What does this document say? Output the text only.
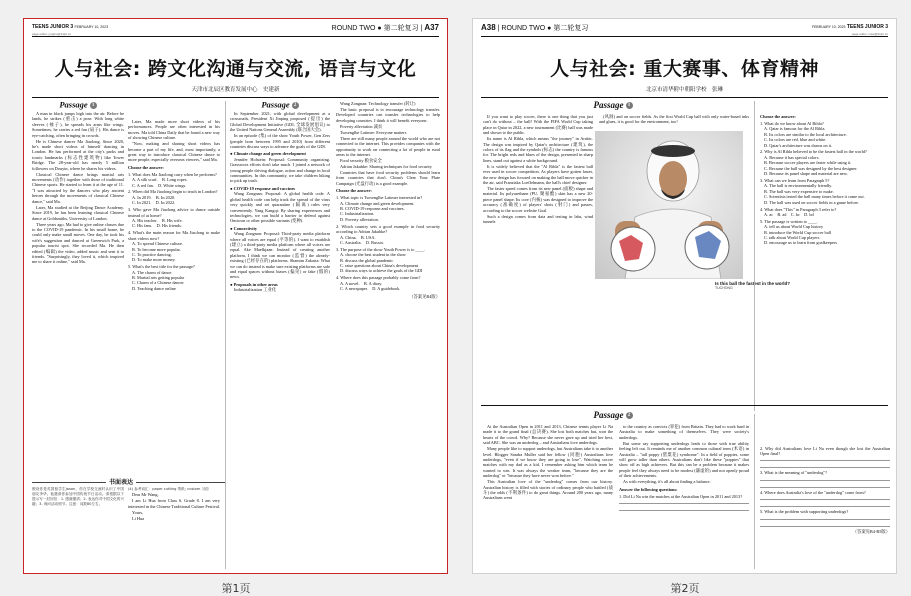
TEENS JUNIOR 3 FEBRUARY 10, 2023
page editor: jyngbo@21jnt.cn
ROUND TWO ● 第二轮复习 | A37
人与社会: 跨文化沟通与交流, 语言与文化
天津市北辰区教育发展中心　史建新
Passage 1

A man in black jumps high into the air. Before he lands, he strikes (重击) a pose. With long white sleeves (袖子), he spreads his arms like wings. Sometimes, he carries a red fan (扇子). His dance is eye-catching, often bringing in crowds.

He is Chinese dancer Ma Jiaolong. Since 2020, he's made short videos of himself dancing in London. He has performed at the city's parks and iconic landmarks (标志性建筑物) like Tower Bridge. The 28-year-old has nearly 5 million followers on Douyin, where he shares his videos.

Classical Chinese dance brings martial arts movements (动作) together with those of traditional Chinese sports. He started to learn it at the age of 11. "I was attracted by the dancers who play ancient heroes through the movements of classical Chinese dance," said Ma.

Later, Ma studied at the Beijing Dance Academy. Since 2019, he has been learning classical Chinese dance at Goldsmiths, University of London.

Three years ago, Ma had to give online classes due to the COVID-19 pandemic. In his small home, he could only make small moves. One day, he took his wife's suggestion and danced at Greenwich Park, a popular tourist spot. She recorded Ma. He then edited (编辑) the video, added music and sent it to friends. "Surprisingly, they loved it, which inspired me to share it online," said Ma.

Later, Ma made more short videos of his performances. People are often interested in his moves. Ma told China Daily that he found a new way of showing Chinese culture.

"Now, making and sharing short videos has become a part of my life, and, most importantly, a great way to introduce classical Chinese dance to more people, especially overseas viewers," said Ma.

Choose the answer:
1. What does Ma Jiaolong carry when he performs?
A. A silk scarf.　B. Long ropes.
C. A red fan.　D. White wings.
2. When did Ma Jiaolong begin to teach in London?
A. In 2019.　B. In 2020.
C. In 2021.　D. In 2022.
3. Who gave Ma Jiaolong advice to dance outside instead of at home?
A. His teacher.　B. His wife.
C. His fans.　D. His friends.
4. What's the main reason for Ma Jiaolong to make short videos now?
A. To spread Chinese culture.
B. To become more popular.
C. To practice dancing.
D. To make more money.
5. What's the best title for the passage?
A. The charm of dance
B. Martial arts getting popular
C. Charm of a Chinese dancer
D. Teaching dance online
书面表达
假设你是英国留学生Jason，你在学校交流时认识了中国朋友李华。他邀请你参加中国传统节日活动。请根据以下提示写一封回信：1. 感谢邀请；2. 表达你对中国文化的兴趣；3. 询问活动细节。注意：词数80左右。
(4) 参考词汇：paper cutting 剪纸; custom 习俗

Dear Mr Wang,

I am Li Hua from Class 6, Grade 8. I am very interested in the Chinese Traditional Culture Festival.

Yours,

Li Hua

Passage 2

In September 2021, with global development at a crossroads, President Xi Jinping proposed (提出) the Global Development Initiative (GDI, 全球发展倡议) to the United Nations General Assembly (联合国大会).

In an episode (集) of the show Youth Power, Gen Zers (people born between 1995 and 2010) from different countries discuss ways to advance the goals of the GDI.

● Climate change and green development

Jennifer Holstein: Proposal: Community organizing. Grassroots efforts don't take much. I joined a network of young people driving dialogue, action and change in local communities. In this community, we take children hiking to pick up trash.

● COVID-19 response and vaccines

Wang Zongnan: Proposal: A global health code. A global health code can help track the spread of the virus very quickly and set quarantine (隔离) rules very conveniently. Yang Kangqi: By sharing experiences and technologies, we can build a barrier to defend against Omicron or other possible variants (变种).

● Connectivity

Wang Zongnan: Proposal: Third-party media platform where all voices are equal (平等的). I want to establish (建立) a third-party media platform where all voices are equal. Ake Maelkjaan: Instead of creating another platform, I think we can monitor (监督) the already-existing (已经存在的) platforms. Shamim Zakaria: What we can do instead is make sure existing platforms are safe and equal spaces without biases (偏见) or fake (假的) news.

● Proposals in other areas

Industrialization 工业化

Wang Zongnan: Technology transfer (转让)

The basic proposal is to encourage technology transfer. Developed countries can transfer technologies to help developing countries. I think it will benefit everyone.

Poverty alleviation 减贫

Tsosenglhe Latimer: Everyone matters

There are still many people around the world who are not connected to the internet. This provides companies with the opportunity to work on connecting a lot of people in rural areas to the internet.

Food security 粮食安全

Adrian Jakubke: Sharing techniques for food security

Countries that have food security problems should learn from countries that don't. China's Clear Your Plate Campaign (光盘行动) is a good example.

Choose the answer:
1. What topic is Tsosenglhe Latimer interested in?
A. Climate change and green development.
B. COVID-19 response and vaccines.
C. Industrialization.
D. Poverty alleviation.
2. Which country sets a good example in food security according to Adrian Jakubke?
A. China.　B. USA.
C. Australia.　D. Russia.
3. The purpose of the show Youth Power is to ____.
A. choose the best student in the show
B. discuss the global pandemic
C. raise questions about China's development
D. discuss ways to achieve the goals of the GDI
4. Where does this passage probably come from?
A. A novel.　B. A diary.
C. A newspaper.　D. A guidebook.
（答案见B4版）
第1页
A38 | ROUND TWO ● 第二轮复习	FEBRUARY 10, 2023 TEENS JUNIOR 3
page editor: cuiw@21jnt.cn
人与社会: 重大赛事、体育精神
北京市清华附中朝阳学校　张琳
Passage 1

If you want to play soccer, there is one thing that you just can't do without – the ball! With the FIFA World Cup taking place in Qatar in 2022, a new tournament (比赛) ball was made and shown to the public.

Its name is Al Rihla, which means "the journey" in Arabic. The design was inspired by Qatar's architecture (建筑), the colors of its flag and the symbols (标志) the country is famous for. The bright reds and blues of the design, presented in sharp lines, stand out against a white background.

It is widely believed that the "Al Rihla" is the fastest ball ever used in soccer competition. As players have gotten faster, the new design has focused on making the ball move quicker in the air, said Franziska Loeffelmann, the ball's chief designer.

The faster speed comes from its new panel (面板) shape and material. Its polyurethane (PU, 聚氨酯) skin has a new 20-piece panel shape. Its core (内核) was designed to improve the accuracy (准确度) of players' shots (射门) and passes, according to the soccer website Goal.

Such a design comes from data and testing in labs, wind tunnels

(风洞) and on soccer fields. As the first World Cup ball with only water-based inks and glues, it is good for the environment, too!

Is this ball the fastest in the world?
TUCHONG
Choose the answer:
1. What do we know about Al Rihla?
A. Qatar is famous for the Al Rihla.
B. Its colors are similar to the local architecture.
C. Its colors are red, blue and white.
D. Qatar's architecture was drawn on it.
2. Why is Al Rihla believed to be the fastest ball in the world?
A. Because it has special colors.
B. Because soccer players are faster while using it.
C. Because the ball was designed by the best designer.
D. Because its panel shape and material are new.
3. What can we learn from Paragraph 5?
A. The ball is environmentally friendly.
B. The ball was very expensive to make.
C. Scientists tested the ball many times before it came out.
D. The ball was used on soccer fields in a game before.
4. What does "This" in Paragraph 3 refer to?
A. ac　B. ad　C. bc　D. bd
5. The passage is written to ____.
A. tell us about World Cup history
B. introduce the World Cup soccer ball
C. talk about World Cup players
D. encourage us to learn from goalkeepers
Passage 2

At the Australian Open in 2011 and 2013, Chinese tennis player Li Na made it to the grand final (总决赛). She lost both matches but, won the hearts of the crowd. Why? Because she never gave up and tried her best, said ABC. She was an underdog – and Australians love underdogs.

Many people like to support underdogs, but Australians take it to another level. Blogger Sandra Muller said her fellow (同胞) Australians love underdogs, "even if we know they are going to lose". Watching soccer matches with my dad as a kid, I remember asking him which team he wanted to win. It was always the weaker team, "because they are the underdog" or "because they have never won before."

This Australian love of the "underdog" comes from our history. Australian history is filled with stories of ordinary people who battled (战斗) the odds (不利条件) to do great things. Around 200 years ago, many Australians went

to the country as convicts (罪犯) from Britain. They had to work hard in Australia to make something of themselves. They were society's underdogs.

But some say supporting underdogs leads to those with true ability feeling left out. It reminds me of another common cultural term (术语) in Australia – "tall poppy (罂粟花) syndrome". In a field of poppies, some will grow taller than others. Australians don't like these "poppies" that show off as high achievers. But this can be a problem because it makes people feel they always need to be modest (谦虚的) and not openly proud of their achievements.

As with everything, it's all about finding a balance.

Answer the following questions:
1. Did Li Na win the matches at the Australian Open in 2011 and 2013?
2. Why did Australians love Li Na even though she lost the Australian Open final?
3. What is the meaning of "underdog"?
4. Where does Australia's love of the "underdog" come from?
5. What is the problem with supporting underdogs?
（答案见B4-B5版）
第2页
